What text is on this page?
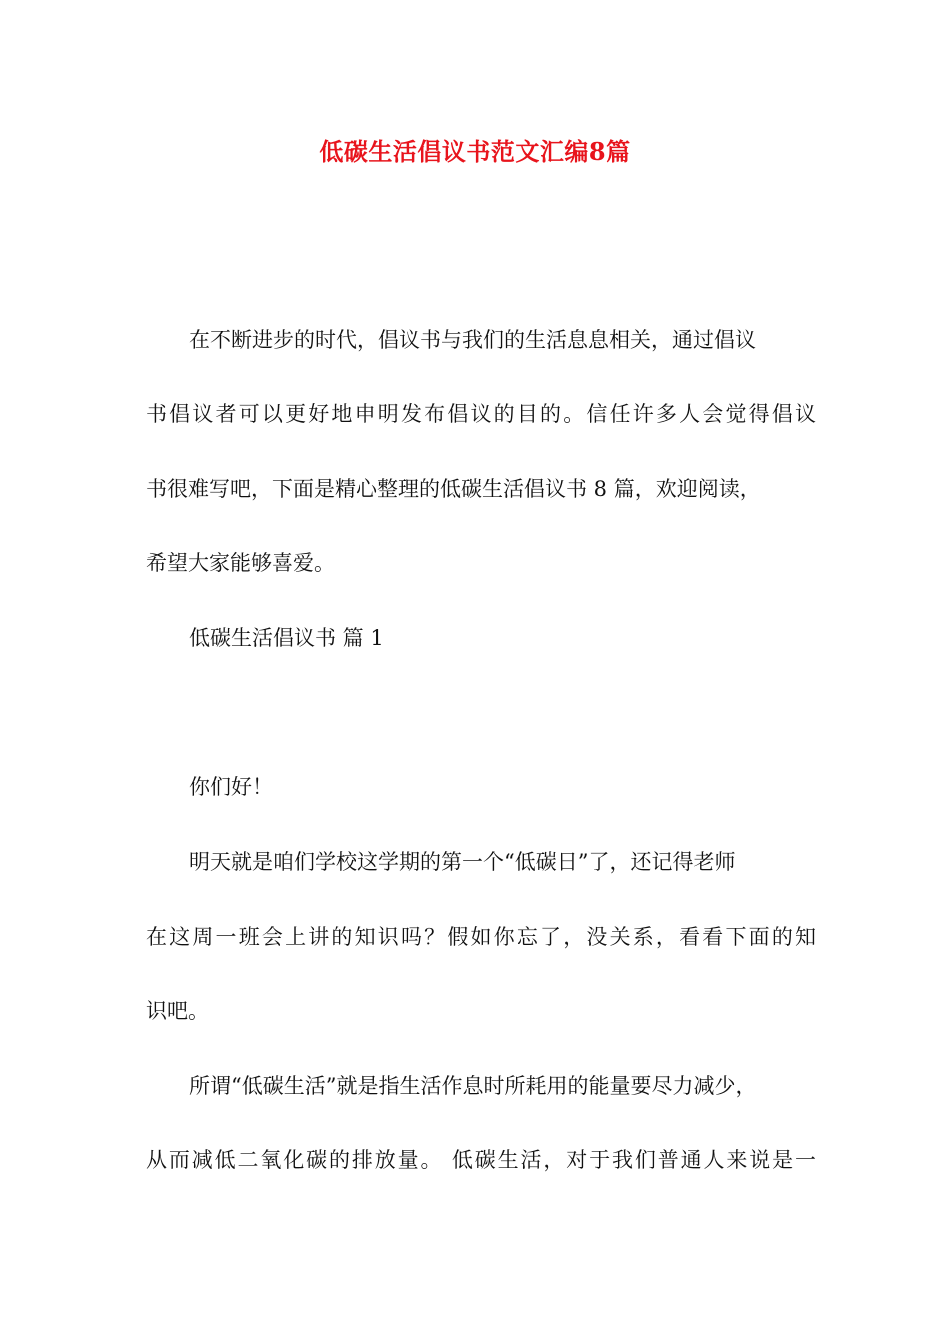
低碳生活倡议书范文汇编8篇
在不断进步的时代，倡议书与我们的生活息息相关，通过倡议
书倡议者可以更好地申明发布倡议的目的。信任许多人会觉得倡议
书很难写吧，下面是精心整理的低碳生活倡议书 8 篇，欢迎阅读，
希望大家能够喜爱。
低碳生活倡议书 篇 1
你们好！
明天就是咱们学校这学期的第一个“低碳日”了，还记得老师
在这周一班会上讲的知识吗？假如你忘了，没关系，看看下面的知
识吧。
所谓“低碳生活”就是指生活作息时所耗用的能量要尽力减少，
从而减低二氧化碳的排放量。 低碳生活，对于我们普通人来说是一
